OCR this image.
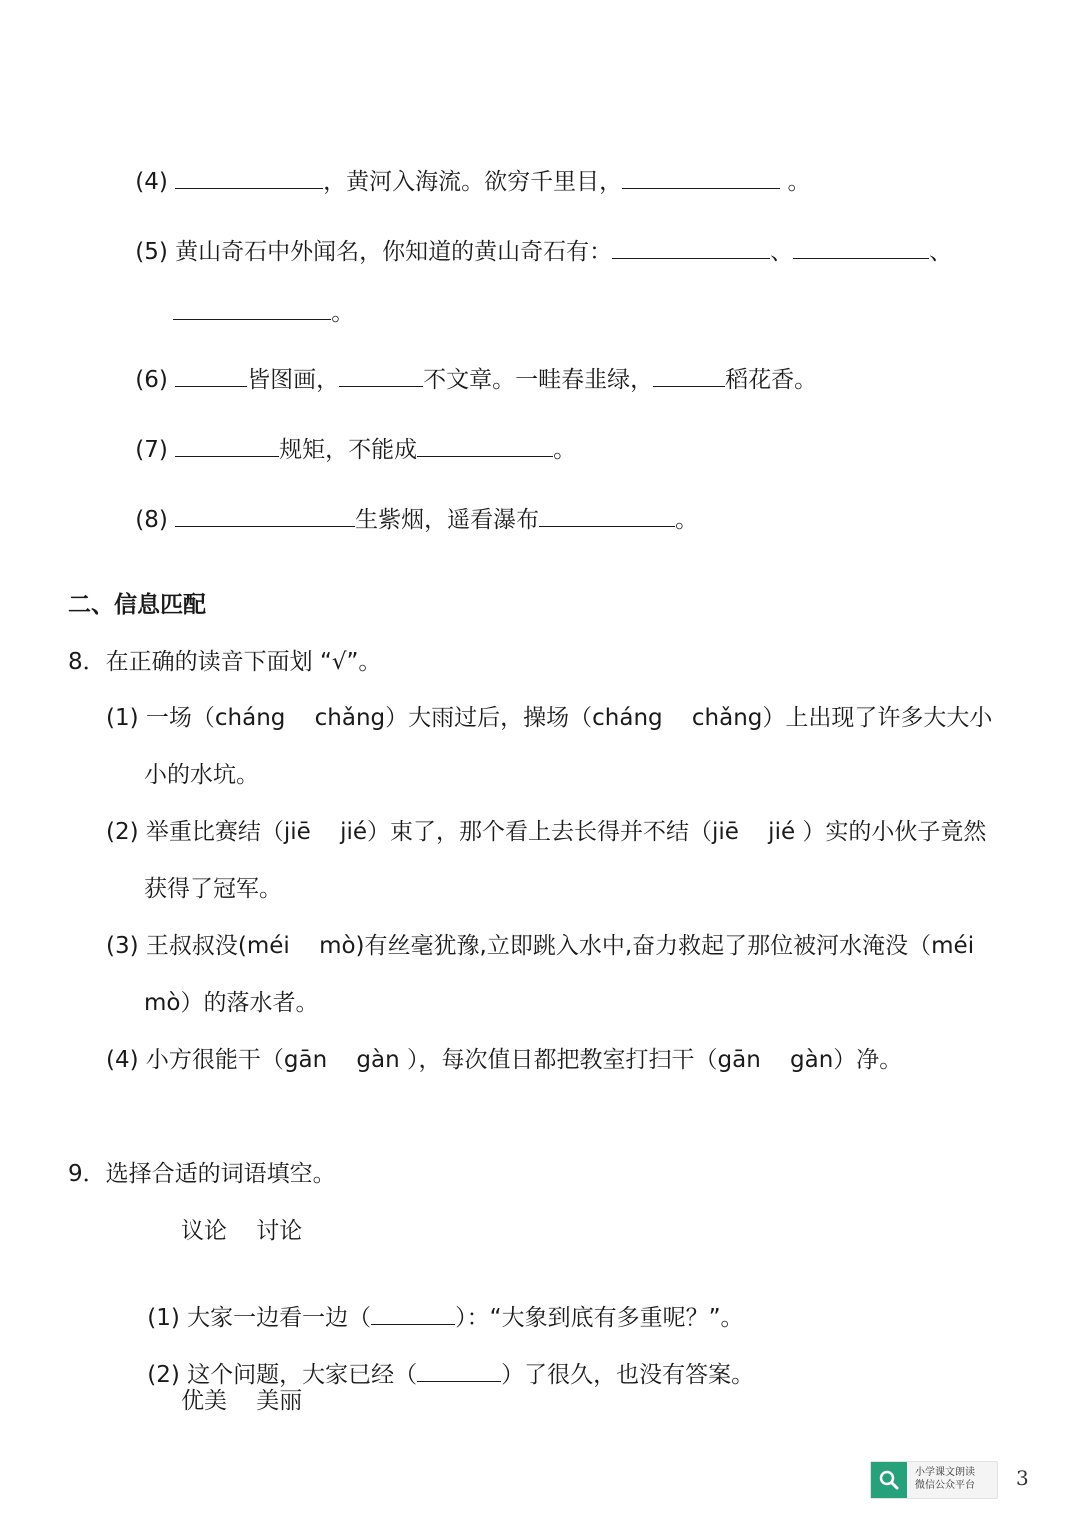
(4)	，黄河入海流。欲穷千里目，	。

(5) 黄山奇石中外闻名，你知道的黄山奇石有：	、	、

。

(6)	皆图画，	不文章。一畦春韭绿，	稻花香。

(7)	规矩，不能成	。

(8)	生紫烟，遥看瀑布	。

二、信息匹配
8．在正确的读音下面划 “√”。
(1) 一场（cháng    chǎng）大雨过后，操场（cháng    chǎng）上出现了许多大大小
小的水坑。
(2) 举重比赛结（jiē    jié）束了，那个看上去长得并不结（jiē    jié ）实的小伙子竟然
获得了冠军。
(3) 王叔叔没(méi    mò)有丝毫犹豫,立即跳入水中,奋力救起了那位被河水淹没（méi
mò）的落水者。
(4) 小方很能干（gān    gàn ），每次值日都把教室打扫干（gān    gàn）净。
9．选择合适的词语填空。
议论    讨论

(1) 大家一边看一边（	）：“大象到底有多重呢？”。

(2) 这个问题，大家已经（	）了很久，也没有答案。

优美    美丽
小学课文朗读
微信公众平台 3
